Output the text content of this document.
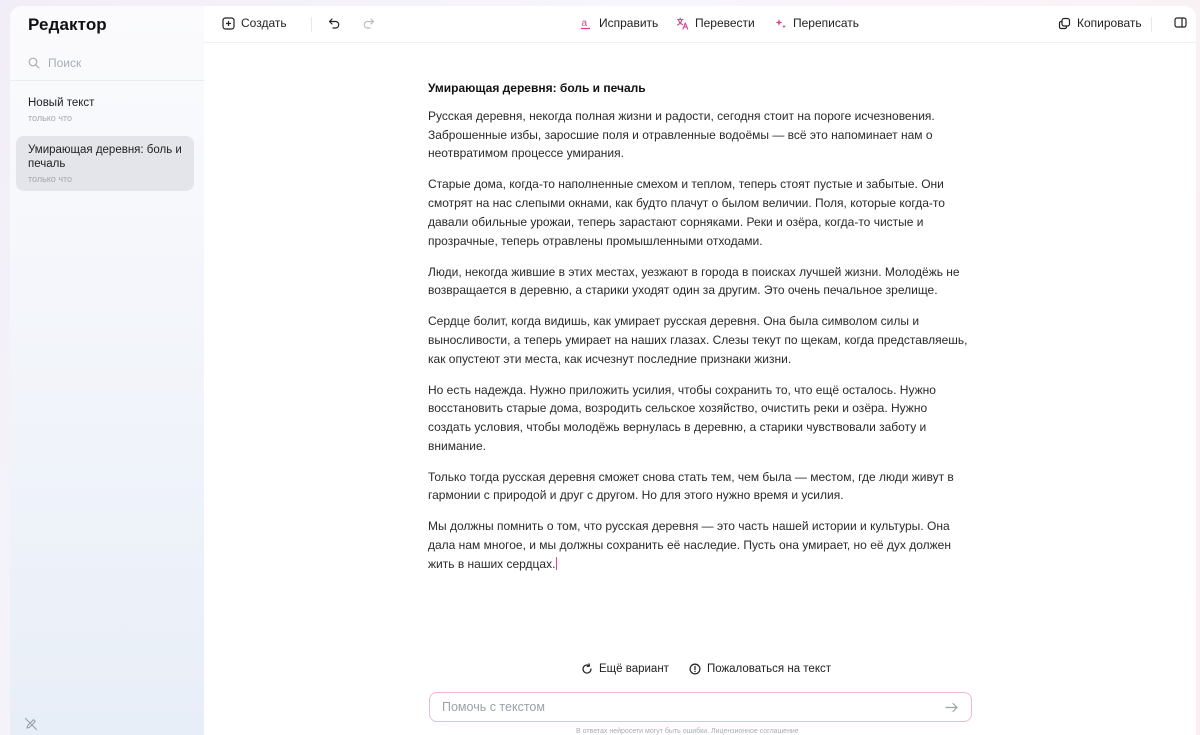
Редактор
Поиск
Новый текст
только что
Умирающая деревня: боль и печаль
только что
Создать	a Исправить	Перевести	Переписать	Копировать
Умирающая деревня: боль и печаль

Русская деревня, некогда полная жизни и радости, сегодня стоит на пороге исчезновения. Заброшенные избы, заросшие поля и отравленные водоёмы — всё это напоминает нам о неотвратимом процессе умирания.

Старые дома, когда-то наполненные смехом и теплом, теперь стоят пустые и забытые. Они смотрят на нас слепыми окнами, как будто плачут о былом величии. Поля, которые когда-то давали обильные урожаи, теперь зарастают сорняками. Реки и озёра, когда-то чистые и прозрачные, теперь отравлены промышленными отходами.

Люди, некогда жившие в этих местах, уезжают в города в поисках лучшей жизни. Молодёжь не возвращается в деревню, а старики уходят один за другим. Это очень печальное зрелище.

Сердце болит, когда видишь, как умирает русская деревня. Она была символом силы и выносливости, а теперь умирает на наших глазах. Слезы текут по щекам, когда представляешь, как опустеют эти места, как исчезнут последние признаки жизни.

Но есть надежда. Нужно приложить усилия, чтобы сохранить то, что ещё осталось. Нужно восстановить старые дома, возродить сельское хозяйство, очистить реки и озёра. Нужно создать условия, чтобы молодёжь вернулась в деревню, а старики чувствовали заботу и внимание.

Только тогда русская деревня сможет снова стать тем, чем была — местом, где люди живут в гармонии с природой и друг с другом. Но для этого нужно время и усилия.

Мы должны помнить о том, что русская деревня — это часть нашей истории и культуры. Она дала нам многое, и мы должны сохранить её наследие. Пусть она умирает, но её дух должен жить в наших сердцах.

Ещё вариант	Пожаловаться на текст
Помочь с текстом
В ответах нейросети могут быть ошибки. Лицензионное соглашение
